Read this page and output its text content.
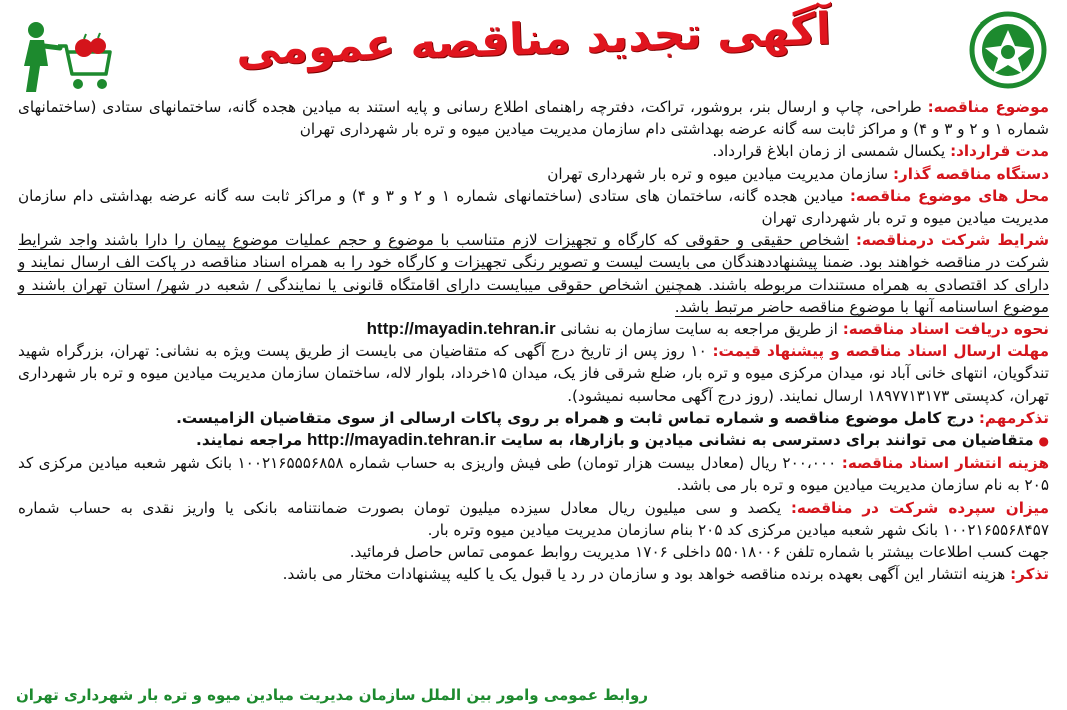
آگهی تجدید مناقصه عمومی

موضوع مناقصه: طراحی، چاپ و ارسال بنر، بروشور، تراکت، دفترچه راهنمای اطلاع رسانی و پایه استند به میادین هجده گانه، ساختمانهای ستادی (ساختمانهای شماره ۱ و ۲ و ۳ و ۴) و مراکز ثابت سه گانه عرضه بهداشتی دام سازمان مدیریت میادین میوه و تره بار شهرداری تهران

مدت قرارداد: یکسال شمسی از زمان ابلاغ قرارداد.

دستگاه مناقصه گذار: سازمان مدیریت میادین میوه و تره بار شهرداری تهران

محل های موضوع مناقصه: میادین هجده گانه، ساختمان های ستادی (ساختمانهای شماره ۱ و ۲ و ۳ و ۴) و مراکز ثابت سه گانه عرضه بهداشتی دام سازمان مدیریت میادین میوه و تره بار شهرداری تهران

شرایط شرکت درمناقصه: اشخاص حقیقی و حقوقی که کارگاه و تجهیزات لازم متناسب با موضوع و حجم عملیات موضوع پیمان را دارا باشند واجد شرایط شرکت در مناقصه خواهند بود. ضمنا پیشنهاددهندگان می بایست لیست و تصویر رنگی تجهیزات و کارگاه خود را به همراه اسناد مناقصه در پاکت الف ارسال نمایند و دارای کد اقتصادی به همراه مستندات مربوطه باشند. همچنین اشخاص حقوقی میبایست دارای اقامتگاه قانونی یا نمایندگی / شعبه در شهر/ استان تهران باشند و موضوع اساسنامه آنها با موضوع مناقصه حاضر مرتبط باشد.

نحوه دریافت اسناد مناقصه: از طریق مراجعه به سایت سازمان به نشانی http://mayadin.tehran.ir

مهلت ارسال اسناد مناقصه و پیشنهاد قیمت: ۱۰ روز پس از تاریخ درج آگهی که متقاضیان می بایست از طریق پست ویژه به نشانی: تهران، بزرگراه شهید تندگویان، انتهای خانی آباد نو، میدان مرکزی میوه و تره بار، ضلع شرقی فاز یک، میدان ۱۵خرداد، بلوار لاله، ساختمان سازمان مدیریت میادین میوه و تره بار شهرداری تهران، کدپستی ۱۸۹۷۷۱۳۱۷۳ ارسال نمایند. (روز درج آگهی محاسبه نمیشود).

تذکرمهم: درج کامل موضوع مناقصه و شماره تماس ثابت و همراه بر روی پاکات ارسالی از سوی متقاضیان الزامیست.

● متقاضیان می توانند برای دسترسی به نشانی میادین و بازارها، به سایت http://mayadin.tehran.ir مراجعه نمایند.

هزینه انتشار اسناد مناقصه: ۲۰۰،۰۰۰ ریال (معادل بیست هزار تومان) طی فیش واریزی به حساب شماره ۱۰۰۲۱۶۵۵۵۶۸۵۸ بانک شهر شعبه میادین مرکزی کد ۲۰۵ به نام سازمان مدیریت میادین میوه و تره بار می باشد.

میزان سپرده شرکت در مناقصه: یکصد و سی میلیون ریال معادل سیزده میلیون تومان بصورت ضمانتنامه بانکی یا واریز نقدی به حساب شماره ۱۰۰۲۱۶۵۵۶۸۴۵۷ بانک شهر شعبه میادین مرکزی کد ۲۰۵ بنام سازمان مدیریت میادین میوه وتره بار.

جهت کسب اطلاعات بیشتر با شماره تلفن ۵۵۰۱۸۰۰۶ داخلی ۱۷۰۶ مدیریت روابط عمومی تماس حاصل فرمائید.

تذکر: هزینه انتشار این آگهی بعهده برنده مناقصه خواهد بود و سازمان در رد یا قبول یک یا کلیه پیشنهادات مختار می باشد.

روابط عمومی وامور بین الملل سازمان مدیریت میادین میوه و تره بار شهرداری تهران
